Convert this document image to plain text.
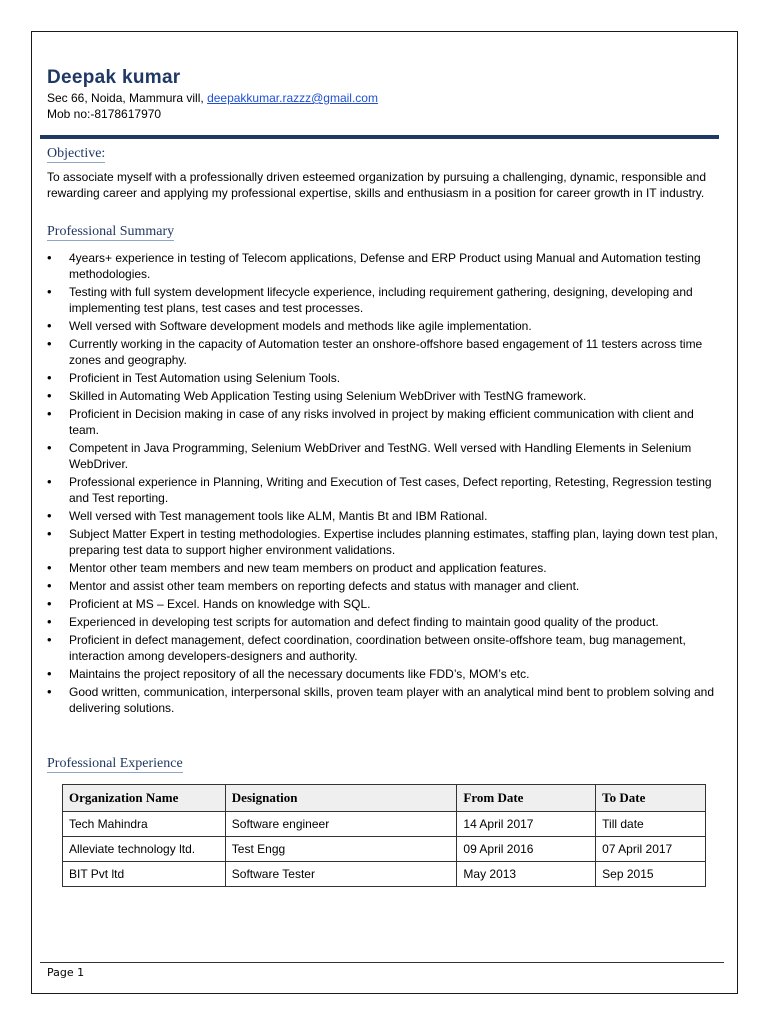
Deepak kumar
Sec 66, Noida, Mammura vill, deepakkumar.razzz@gmail.com
Mob no:-8178617970
Objective:
To associate myself with a professionally driven esteemed organization by pursuing a challenging, dynamic, responsible and rewarding career and applying my professional expertise, skills and enthusiasm in a position for career growth in IT industry.
Professional Summary
• 4years+ experience in testing of Telecom applications, Defense and ERP Product using Manual and Automation testing methodologies.
• Testing with full system development lifecycle experience, including requirement gathering, designing, developing and implementing test plans, test cases and test processes.
• Well versed with Software development models and methods like agile implementation.
• Currently working in the capacity of Automation tester an onshore-offshore based engagement of 11 testers across time zones and geography.
• Proficient in Test Automation using Selenium Tools.
• Skilled in Automating Web Application Testing using Selenium WebDriver with TestNG framework.
• Proficient in Decision making in case of any risks involved in project by making efficient communication with client and team.
• Competent in Java Programming, Selenium WebDriver and TestNG. Well versed with Handling Elements in Selenium WebDriver.
• Professional experience in Planning, Writing and Execution of Test cases, Defect reporting, Retesting, Regression testing and Test reporting.
• Well versed with Test management tools like ALM, Mantis Bt and IBM Rational.
• Subject Matter Expert in testing methodologies. Expertise includes planning estimates, staffing plan, laying down test plan, preparing test data to support higher environment validations.
• Mentor other team members and new team members on product and application features.
• Mentor and assist other team members on reporting defects and status with manager and client.
• Proficient at MS – Excel. Hands on knowledge with SQL.
• Experienced in developing test scripts for automation and defect finding to maintain good quality of the product.
• Proficient in defect management, defect coordination, coordination between onsite-offshore team, bug management, interaction among developers-designers and authority.
• Maintains the project repository of all the necessary documents like FDD’s, MOM’s etc.
• Good written, communication, interpersonal skills, proven team player with an analytical mind bent to problem solving and delivering solutions.
Professional Experience
Organization Name	Designation	From Date	To Date
Tech Mahindra	Software engineer	14 April 2017	Till date
Alleviate technology ltd.	Test Engg	09 April 2016	07 April 2017
BIT Pvt ltd	Software Tester	May 2013	Sep 2015
Page 1
